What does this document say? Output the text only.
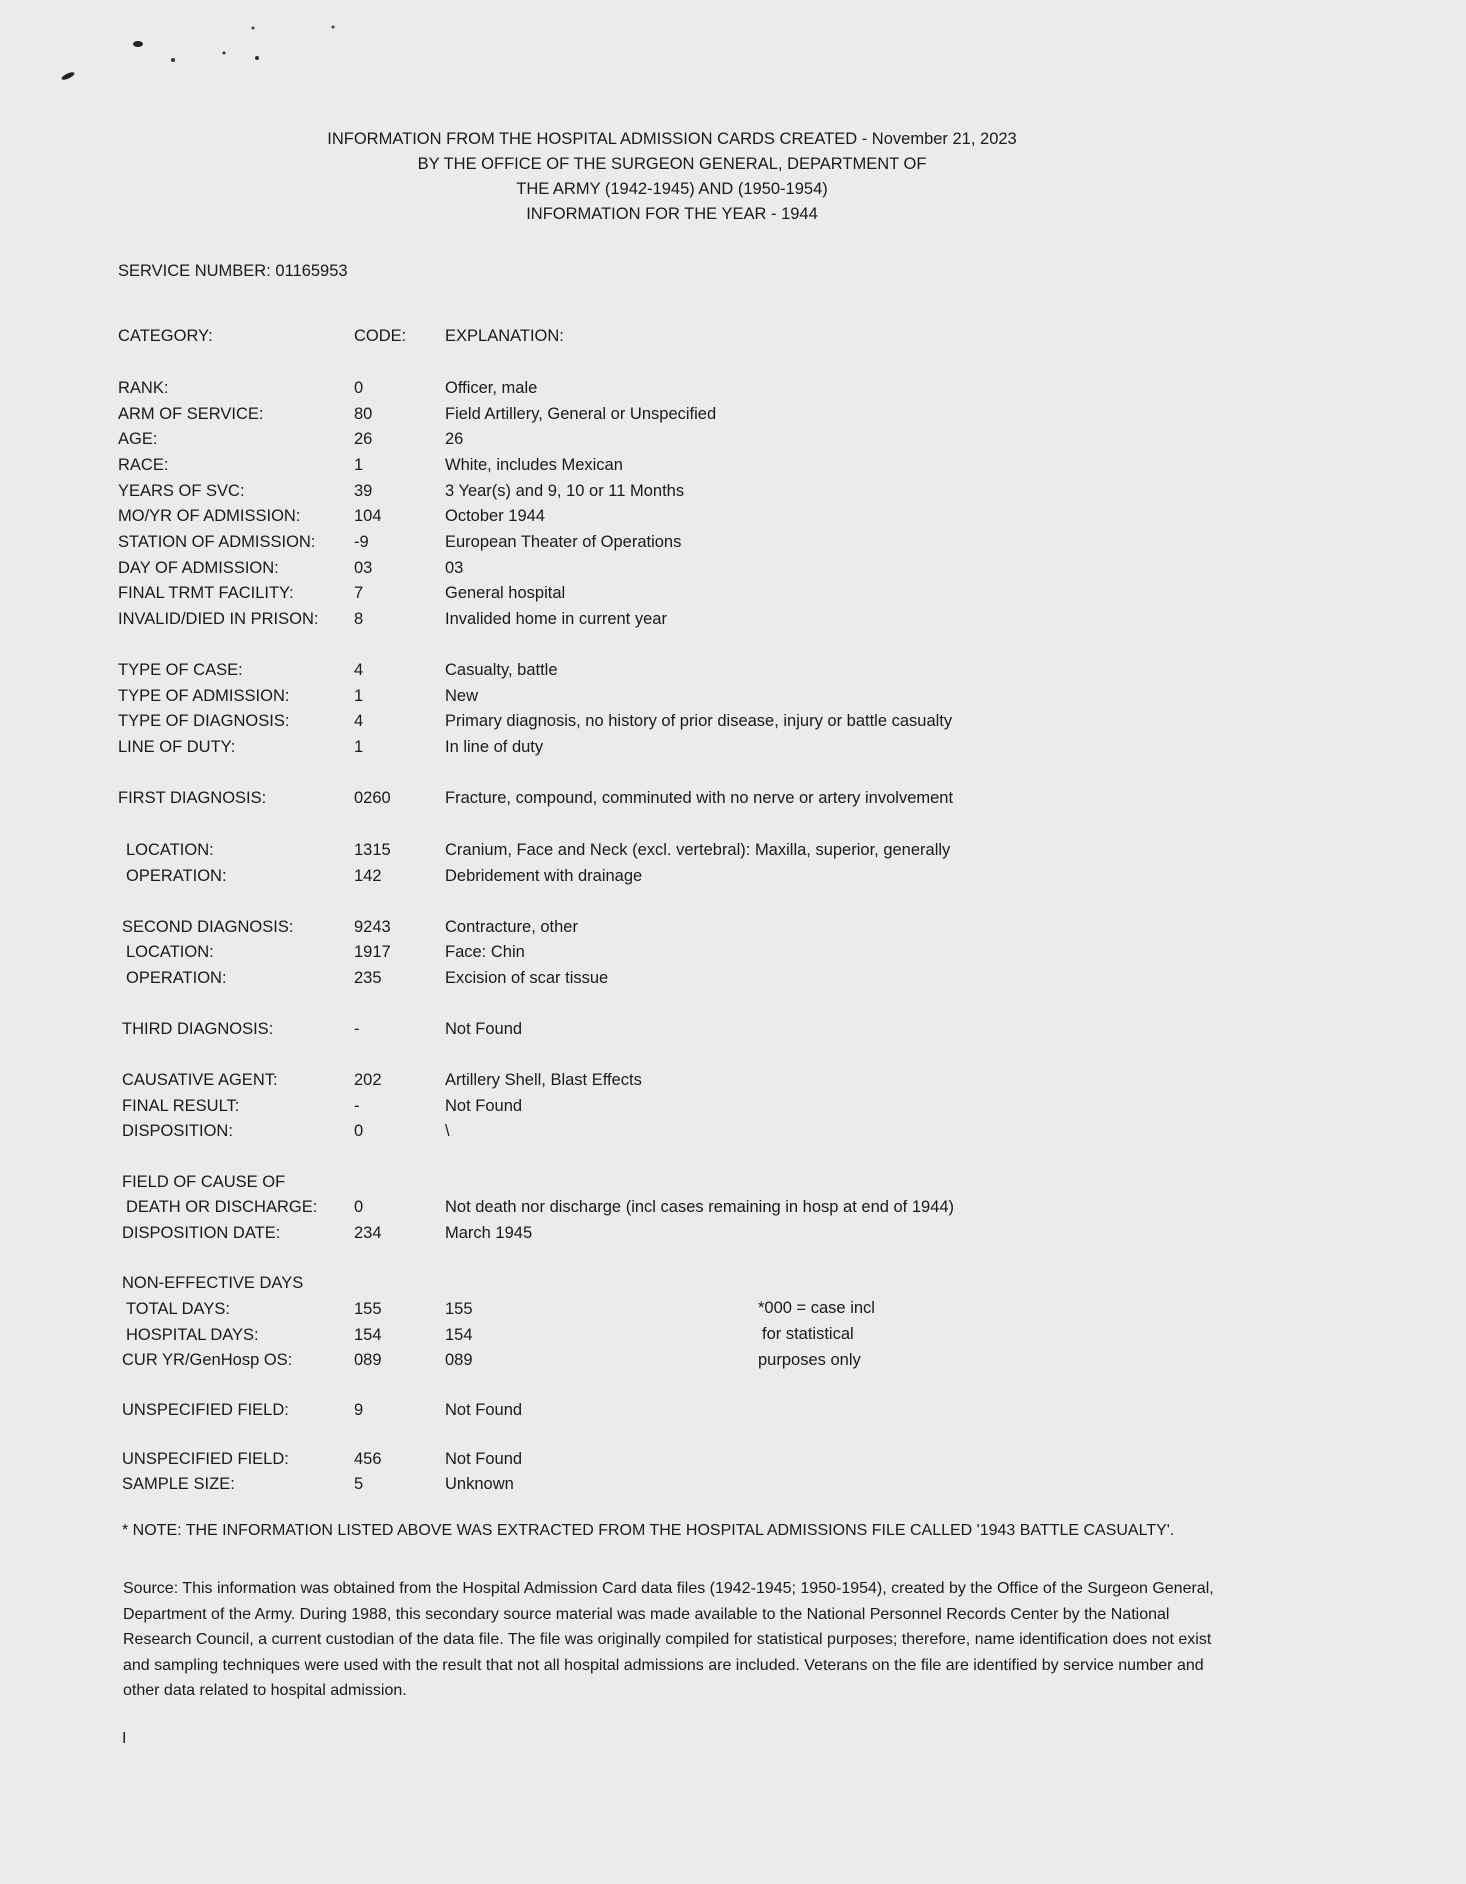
INFORMATION FROM THE HOSPITAL ADMISSION CARDS CREATED - November 21, 2023
BY THE OFFICE OF THE SURGEON GENERAL, DEPARTMENT OF
THE ARMY (1942-1945) AND (1950-1954)
INFORMATION FOR THE YEAR - 1944
SERVICE NUMBER: 01165953
CATEGORY:	CODE: EXPLANATION:
RANK:	0	Officer, male
ARM OF SERVICE:	80	Field Artillery, General or Unspecified
AGE:	26	26
RACE:	1	White, includes Mexican
YEARS OF SVC:	39	3 Year(s) and 9, 10 or 11 Months
MO/YR OF ADMISSION:	104	October 1944
STATION OF ADMISSION: -9	European Theater of Operations
DAY OF ADMISSION:	03	03
FINAL TRMT FACILITY:	7	General hospital
INVALID/DIED IN PRISON: 8	Invalided home in current year
TYPE OF CASE:	4	Casualty, battle
TYPE OF ADMISSION:	1	New
TYPE OF DIAGNOSIS:	4	Primary diagnosis, no history of prior disease, injury or battle casualty
LINE OF DUTY:	1	In line of duty
FIRST DIAGNOSIS:	0260	Fracture, compound, comminuted with no nerve or artery involvement
LOCATION:	1315	Cranium, Face and Neck (excl. vertebral): Maxilla, superior, generally
OPERATION:	142	Debridement with drainage
SECOND DIAGNOSIS:	9243	Contracture, other
LOCATION:	1917	Face: Chin
OPERATION:	235	Excision of scar tissue
THIRD DIAGNOSIS:	-	Not Found
CAUSATIVE AGENT:	202	Artillery Shell, Blast Effects
FINAL RESULT:	-	Not Found
DISPOSITION:	0	\
FIELD OF CAUSE OF
DEATH OR DISCHARGE: 0	Not death nor discharge (incl cases remaining in hosp at end of 1944)
DISPOSITION DATE:	234	March 1945
NON-EFFECTIVE DAYS
TOTAL DAYS:	155	155
HOSPITAL DAYS:	154	154
CUR YR/GenHosp OS:	089	089
UNSPECIFIED FIELD:	9	Not Found
UNSPECIFIED FIELD:	456	Not Found
SAMPLE SIZE:	5	Unknown
*000 = case incl
for statistical
purposes only
* NOTE: THE INFORMATION LISTED ABOVE WAS EXTRACTED FROM THE HOSPITAL ADMISSIONS FILE CALLED '1943 BATTLE CASUALTY'.
Source: This information was obtained from the Hospital Admission Card data files (1942-1945; 1950-1954), created by the Office of the Surgeon General, Department of the Army. During 1988, this secondary source material was made available to the National Personnel Records Center by the National Research Council, a current custodian of the data file. The file was originally compiled for statistical purposes; therefore, name identification does not exist and sampling techniques were used with the result that not all hospital admissions are included. Veterans on the file are identified by service number and other data related to hospital admission.
I
